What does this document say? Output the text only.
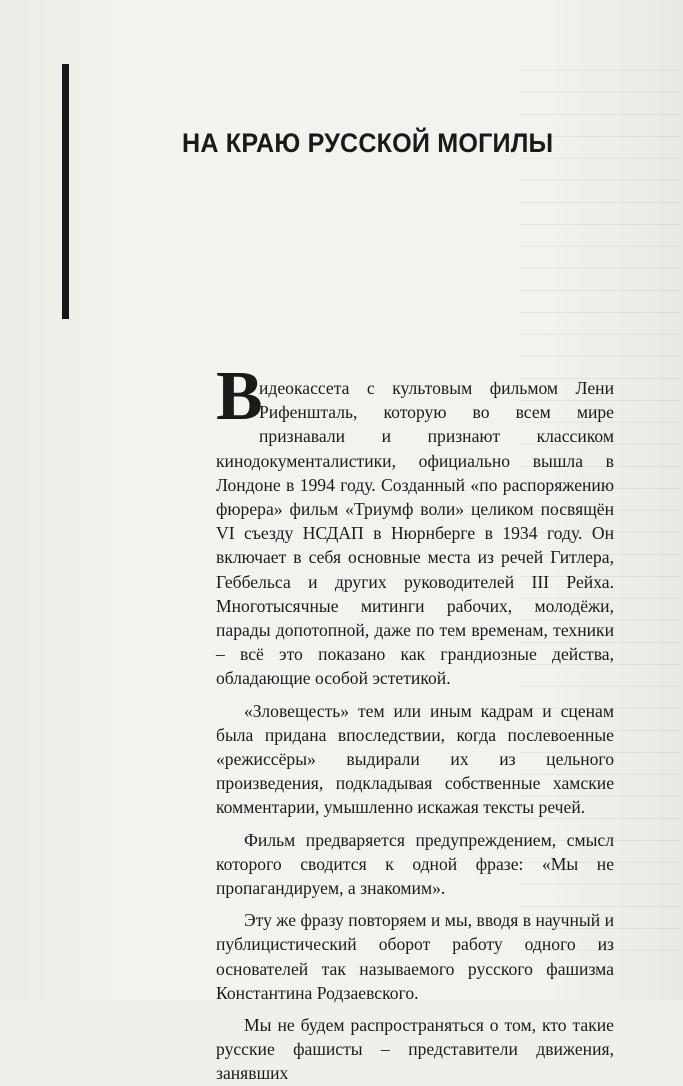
НА КРАЮ РУССКОЙ МОГИЛЫ

В
идеокассета с культовым фильмом Лени Рифеншталь, которую во всем мире признавали и признают классиком кинодокументалистики, официально вышла в Лондоне в 1994 году. Созданный «по распоряжению фюрера» фильм «Триумф воли» целиком посвящён VI съезду НСДАП в Нюрнберге в 1934 году. Он включает в себя основные места из речей Гитлера, Геббельса и других руководителей III Рейха. Многотысячные митинги рабочих, молодёжи, парады допотопной, даже по тем временам, техники – всё это показано как грандиозные действа, обладающие особой эстетикой.

«Зловещесть» тем или иным кадрам и сценам была придана впоследствии, когда послевоенные «режиссёры» выдирали их из цельного произведения, подкладывая собственные хамские комментарии, умышленно искажая тексты речей.

Фильм предваряется предупреждением, смысл которого сводится к одной фразе: «Мы не пропагандируем, а знакомим».

Эту же фразу повторяем и мы, вводя в научный и публицистический оборот работу одного из основателей так называемого русского фашизма Константина Родзаевского.

Мы не будем распространяться о том, кто такие русские фашисты – представители движения, занявших
